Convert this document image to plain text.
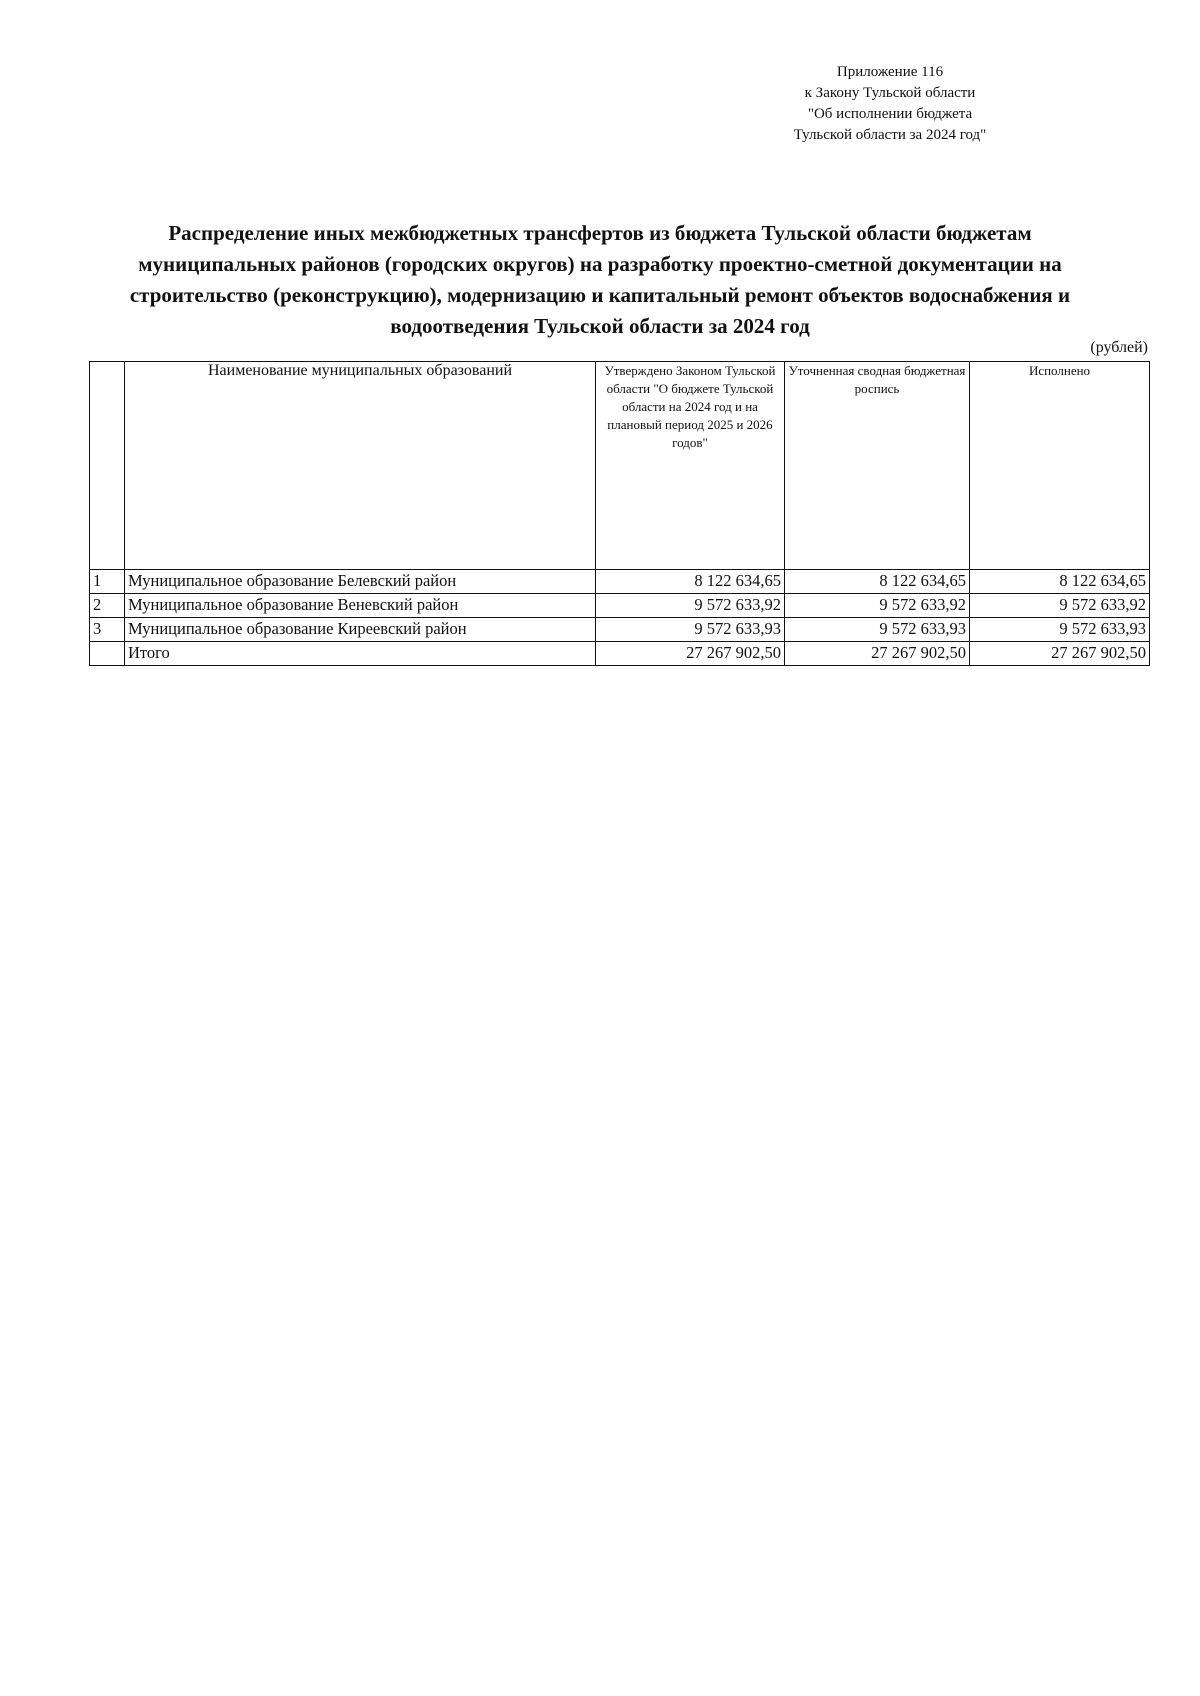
Приложение 116
к Закону Тульской области
"Об исполнении бюджета
Тульской области за 2024 год"
Распределение иных межбюджетных трансфертов из бюджета Тульской области бюджетам муниципальных районов (городских округов) на разработку проектно-сметной документации на строительство (реконструкцию), модернизацию и капитальный ремонт объектов водоснабжения и водоотведения Тульской области за 2024 год
(рублей)
	Наименование муниципальных образований	Утверждено Законом Тульской области "О бюджете Тульской области на 2024 год и на плановый период 2025 и 2026 годов"	Уточненная сводная бюджетная роспись	Исполнено
1	Муниципальное образование Белевский район	8 122 634,65	8 122 634,65	8 122 634,65
2	Муниципальное образование Веневский район	9 572 633,92	9 572 633,92	9 572 633,92
3	Муниципальное образование Киреевский район	9 572 633,93	9 572 633,93	9 572 633,93
	Итого	27 267 902,50	27 267 902,50	27 267 902,50
